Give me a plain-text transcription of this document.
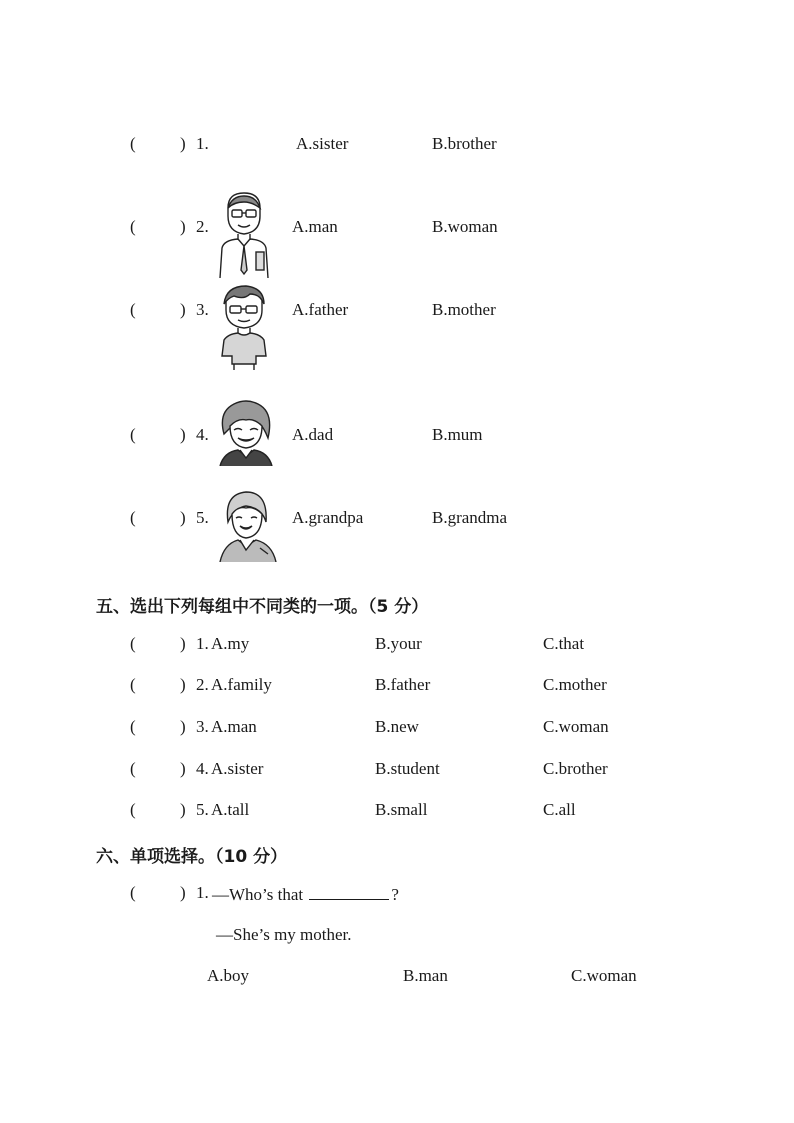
(	) 1.	A.sister	B.brother
(	) 2.	A.man	B.woman
(	) 3.	A.father	B.mother
(	) 4.	A.dad	B.mum
(	) 5.	A.grandpa	B.grandma
五、选出下列每组中不同类的一项。（5 分）
(	) 1. A.my	B.your	C.that
(	) 2. A.family	B.father	C.mother
(	) 3. A.man	B.new	C.woman
(	) 4. A.sister	B.student	C.brother
(	) 5. A.tall	B.small	C.all
六、单项选择。（10 分）
(	) 1. —Who’s that	?
—She’s my mother.
A.boy	B.man	C.woman
